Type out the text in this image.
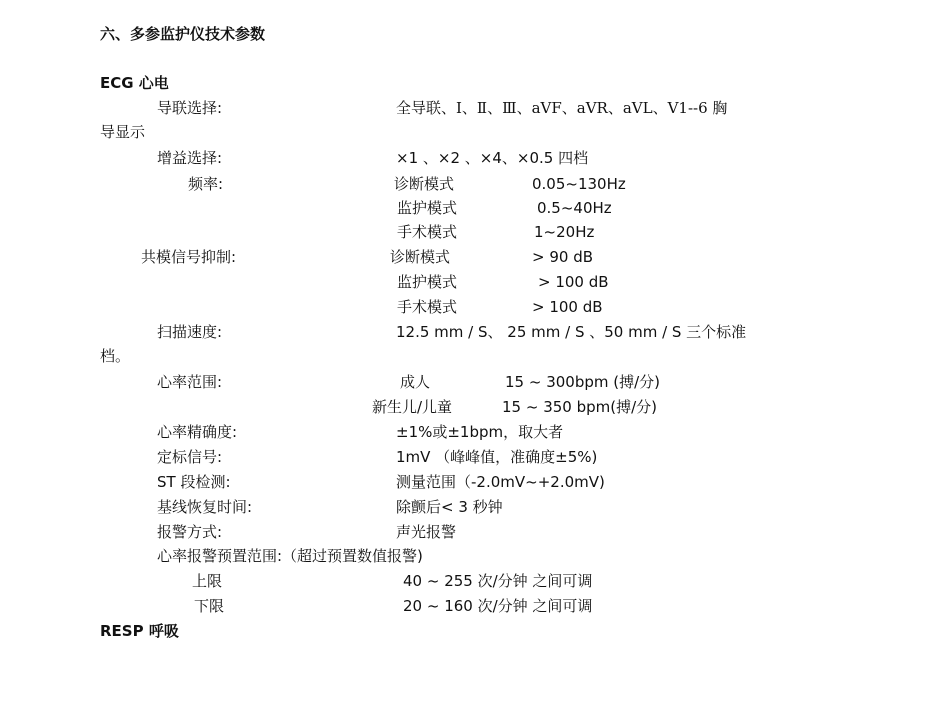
六、多参监护仪技术参数
ECG 心电
导联选择:	全导联、Ⅰ、Ⅱ、Ⅲ、aVF、aVR、aVL、V1--6 胸
导显示
增益选择:	×1 、×2 、×4、×0.5 四档
频率:	诊断模式	0.05~130Hz
监护模式	0.5~40Hz
手术模式	1~20Hz
共模信号抑制:	诊断模式	> 90 dB
监护模式	> 100 dB
手术模式	> 100 dB
扫描速度:	12.5 mm / S、 25 mm / S 、50 mm / S 三个标准
档。
心率范围:	成人	15 ~ 300bpm (搏/分)
新生儿/儿童	15 ~ 350 bpm(搏/分)
心率精确度:	±1%或±1bpm，取大者
定标信号:	1mV （峰峰值，准确度±5%)
ST 段检测:	测量范围（-2.0mV~+2.0mV)
基线恢复时间:	除颤后< 3 秒钟
报警方式:	声光报警
心率报警预置范围:（超过预置数值报警)
上限	40 ~ 255 次/分钟 之间可调
下限	20 ~ 160 次/分钟 之间可调
RESP 呼吸
